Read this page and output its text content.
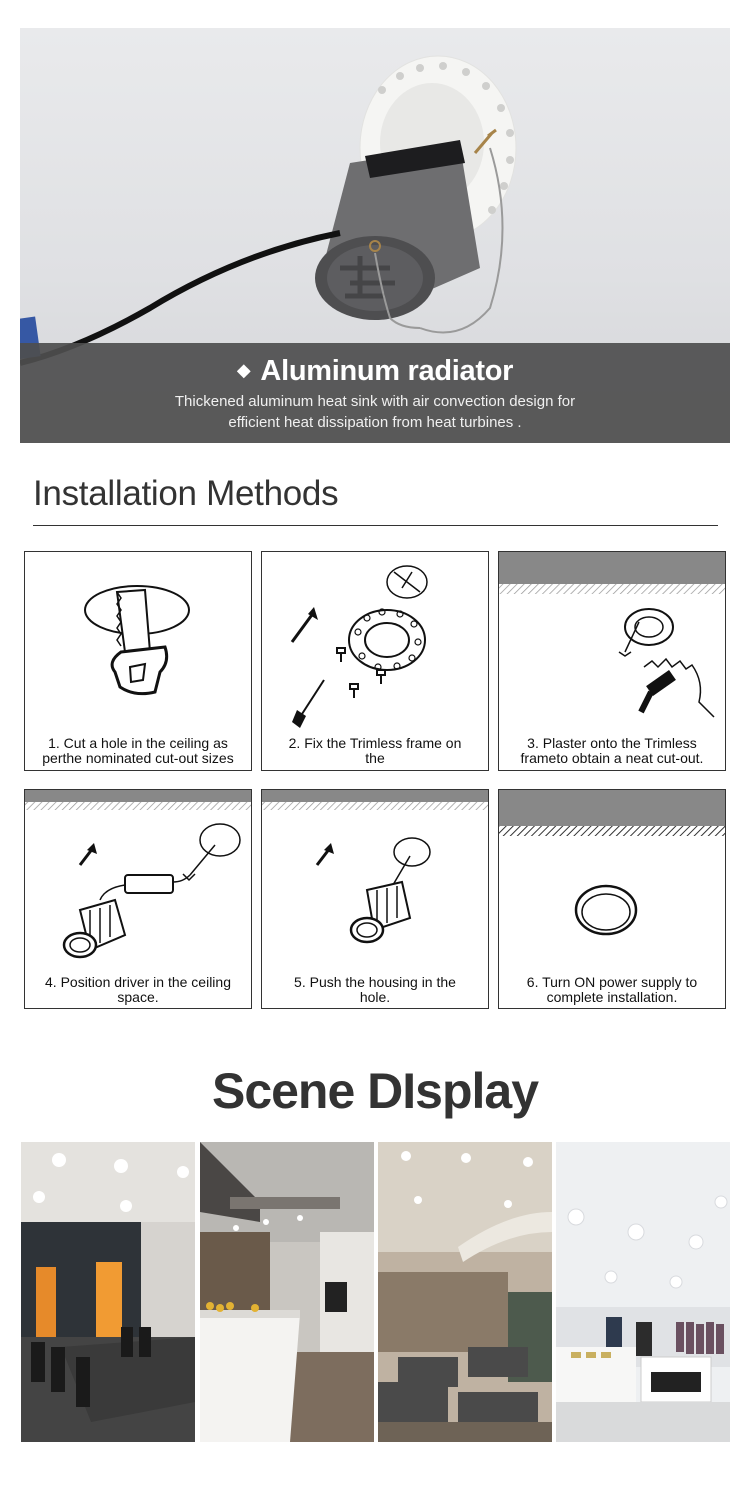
◆ Aluminum radiator
Thickened aluminum heat sink with air convection design for
efficient heat dissipation from heat turbines .
Installation Methods
1. Cut a hole in the ceiling as
perthe nominated cut-out sizes
2. Fix the Trimless frame on
the
3. Plaster onto the Trimless
frameto obtain a neat cut-out.
4. Position driver in the ceiling
space.
5. Push the housing in the
hole.
6. Turn ON power supply to
complete installation.
Scene DIsplay
